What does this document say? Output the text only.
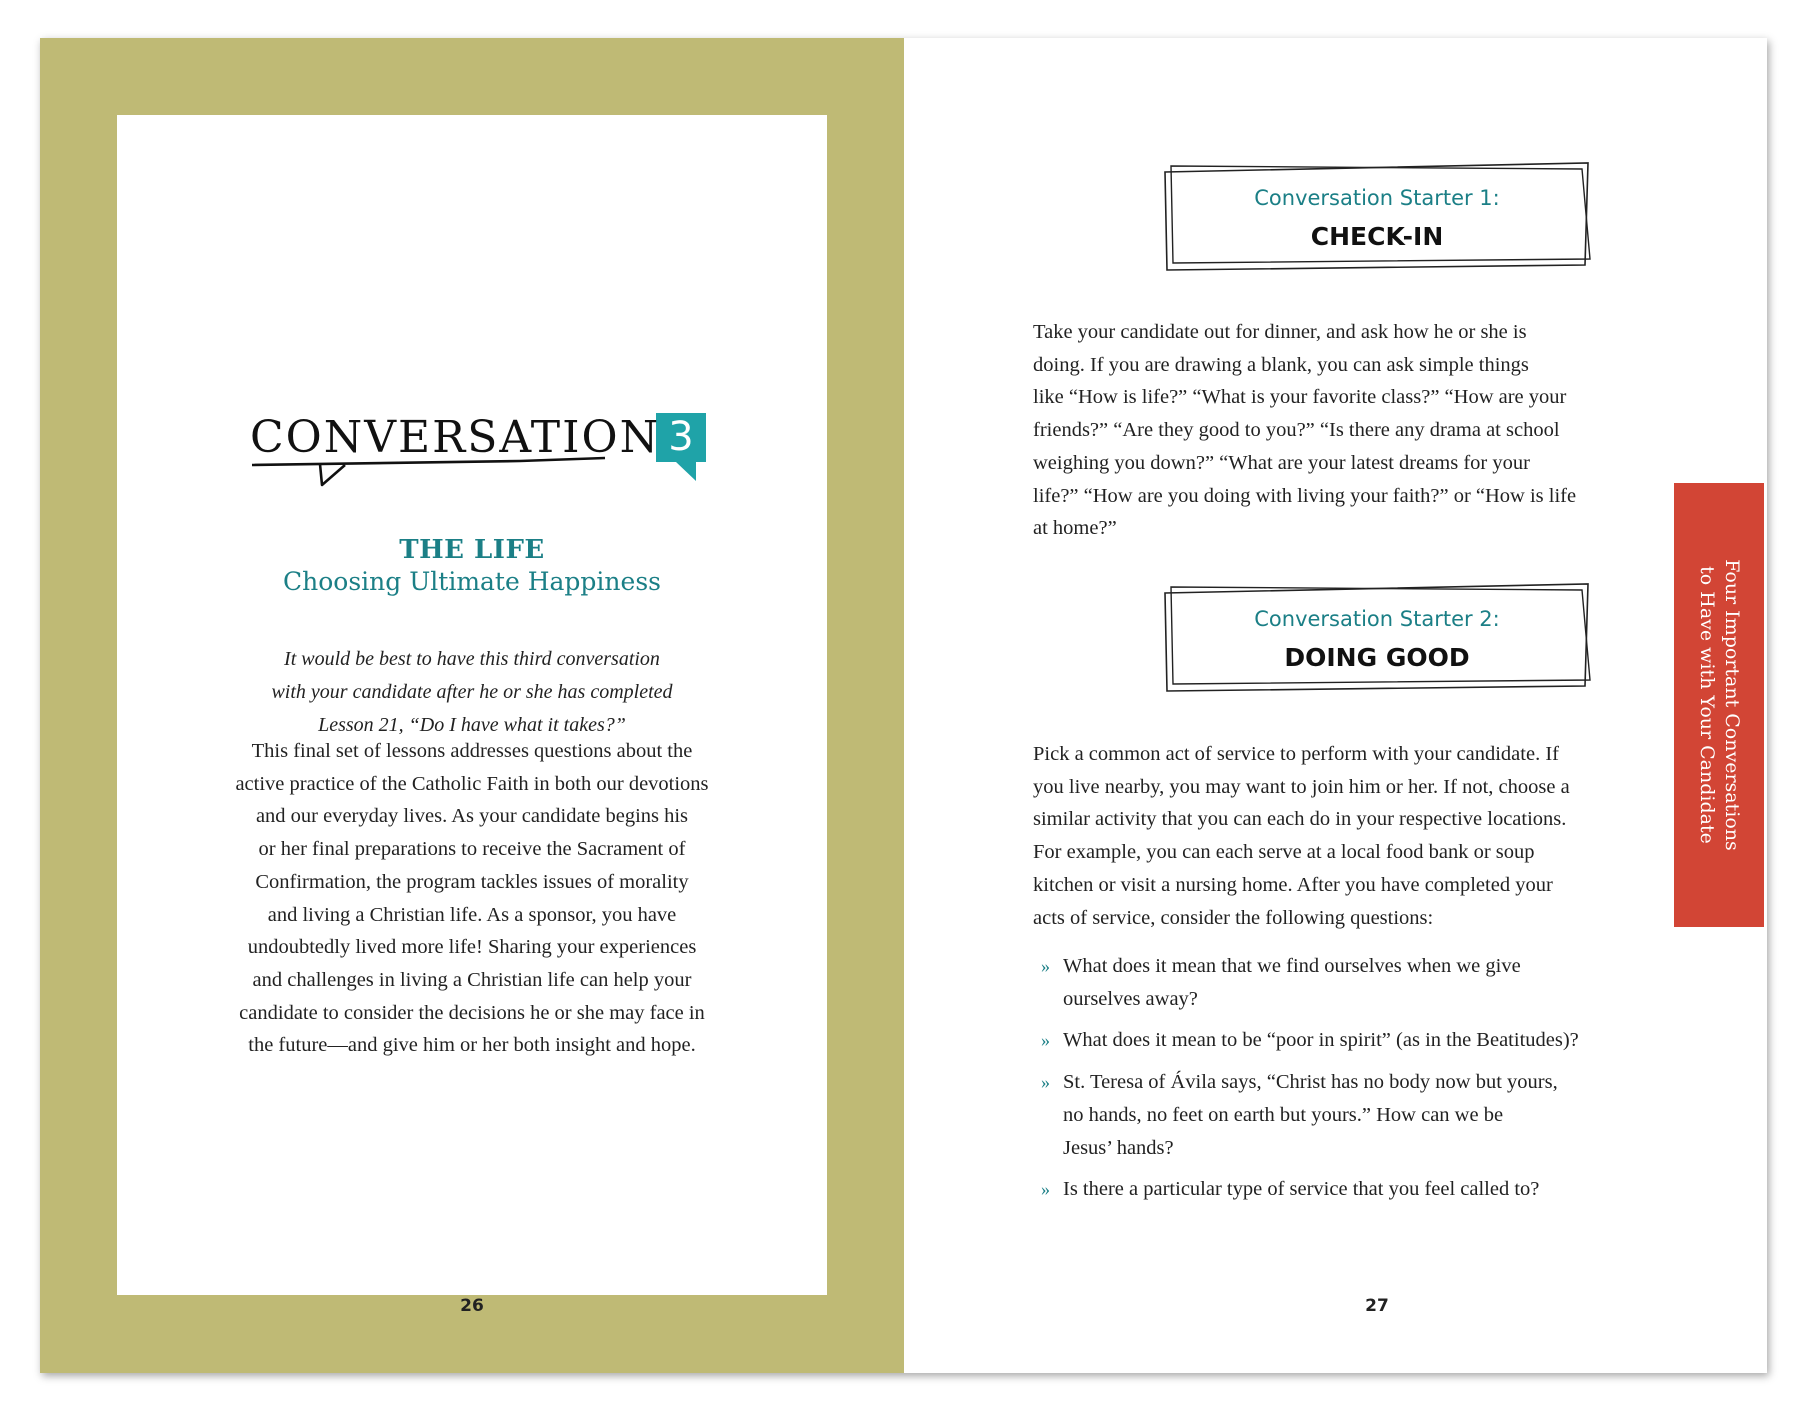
CONVERSATION 3
THE LIFE
Choosing Ultimate Happiness
It would be best to have this third conversation
with your candidate after he or she has completed
Lesson 21, “Do I have what it takes?”
This final set of lessons addresses questions about the
active practice of the Catholic Faith in both our devotions
and our everyday lives. As your candidate begins his
or her final preparations to receive the Sacrament of
Confirmation, the program tackles issues of morality
and living a Christian life. As a sponsor, you have
undoubtedly lived more life! Sharing your experiences
and challenges in living a Christian life can help your
candidate to consider the decisions he or she may face in
the future—and give him or her both insight and hope.
26
Conversation Starter 1:
CHECK-IN
Take your candidate out for dinner, and ask how he or she is
doing. If you are drawing a blank, you can ask simple things
like “How is life?” “What is your favorite class?” “How are your
friends?” “Are they good to you?” “Is there any drama at school
weighing you down?” “What are your latest dreams for your
life?” “How are you doing with living your faith?” or “How is life
at home?”
Conversation Starter 2:
DOING GOOD
Pick a common act of service to perform with your candidate. If
you live nearby, you may want to join him or her. If not, choose a
similar activity that you can each do in your respective locations.
For example, you can each serve at a local food bank or soup
kitchen or visit a nursing home. After you have completed your
acts of service, consider the following questions:
» What does it mean that we find ourselves when we give
ourselves away?
» What does it mean to be “poor in spirit” (as in the Beatitudes)?
» St. Teresa of Ávila says, “Christ has no body now but yours,
no hands, no feet on earth but yours.” How can we be
Jesus’ hands?
» Is there a particular type of service that you feel called to?
27
Four Important Conversations
to Have with Your Candidate
